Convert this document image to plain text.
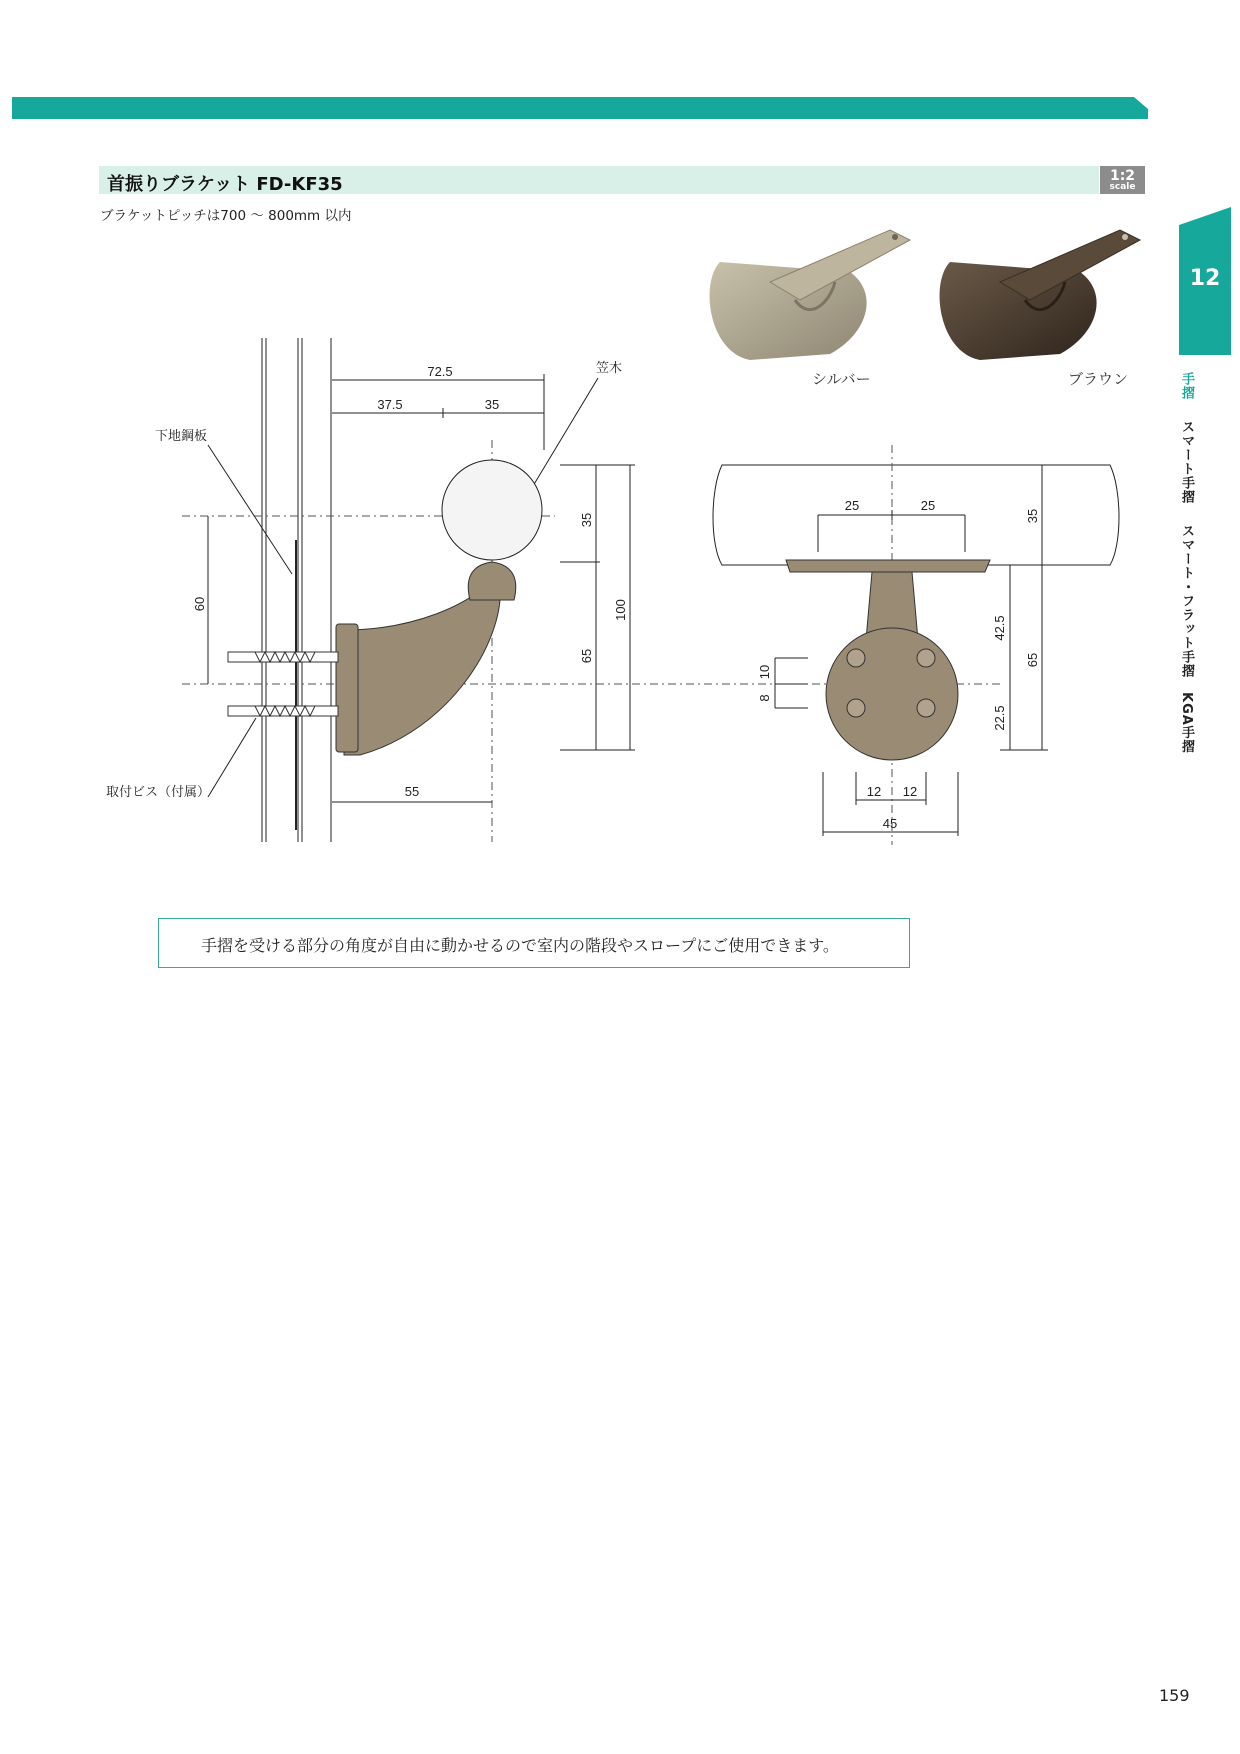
首振りブラケット FD-KF35	1:2
scale
ブラケットピッチは700 ～ 800mm 以内
12
手摺
スマート手摺
スマート・フラット手摺
KGA手摺
シルバー	ブラウン
72.5
37.5	35
35
65
100
60
55
下地鋼板
笠木
取付ビス（付属）
25	25
35
42.5
22.5
65
10
8
12 12
45
手摺を受ける部分の角度が自由に動かせるので室内の階段やスロープにご使用できます。
159
